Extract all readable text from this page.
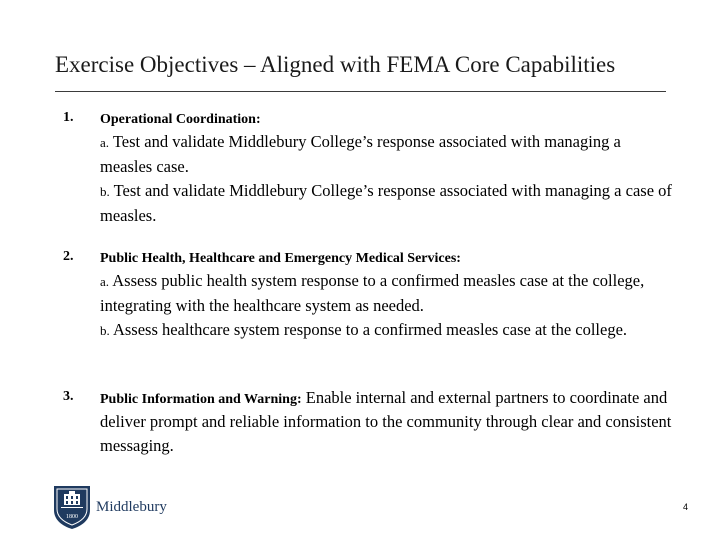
Exercise Objectives – Aligned with FEMA Core Capabilities
1. Operational Coordination:
a. Test and validate Middlebury College’s response associated with managing a measles case.
b. Test and validate Middlebury College’s response associated with managing a case of measles.
2. Public Health, Healthcare and Emergency Medical Services:
a. Assess public health system response to a confirmed measles case at the college, integrating with the healthcare system as needed.
b. Assess healthcare system response to a confirmed measles case at the college.
3. Public Information and Warning: Enable internal and external partners to coordinate and deliver prompt and reliable information to the community through clear and consistent messaging.
1800
Middlebury	4
